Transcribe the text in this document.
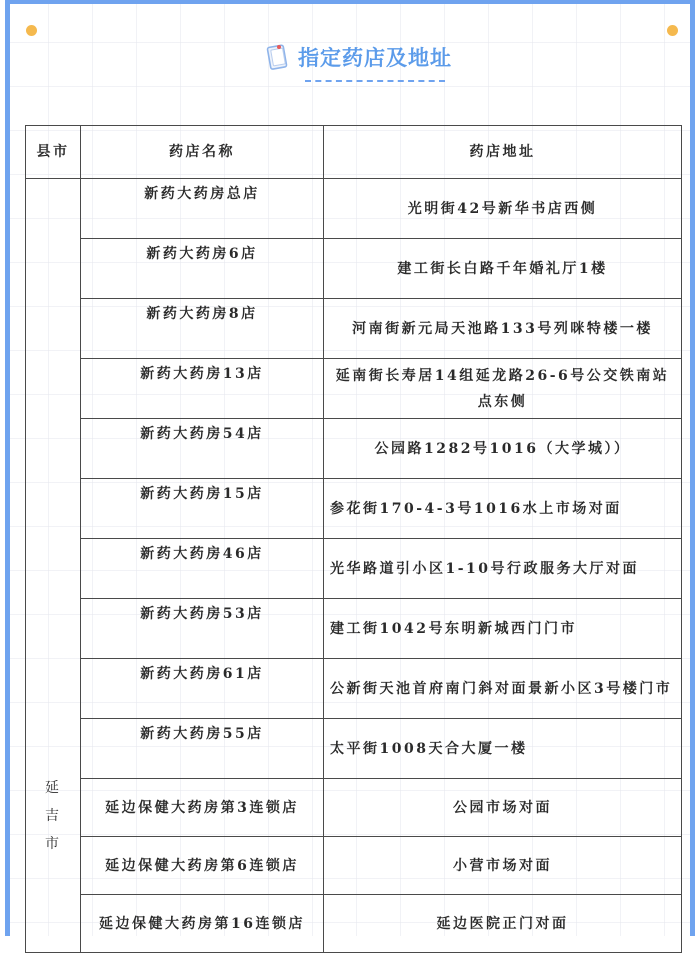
指定药店及地址
县市	药店名称	药店地址
延吉市	新药大药房总店	光明街42号新华书店西侧
	新药大药房6店	建工街长白路千年婚礼厅1楼
	新药大药房8店	河南街新元局天池路133号列咪特楼一楼
	新药大药房13店	延南街长寿居14组延龙路26-6号公交铁南站点东侧
	新药大药房54店	公园路1282号1016（大学城））
	新药大药房15店	参花街170-4-3号1016水上市场对面
	新药大药房46店	光华路道引小区1-10号行政服务大厅对面
	新药大药房53店	建工街1042号东明新城西门门市
	新药大药房61店	公新街天池首府南门斜对面景新小区3号楼门市
	新药大药房55店	太平街1008天合大厦一楼
	延边保健大药房第3连锁店	公园市场对面
	延边保健大药房第6连锁店	小营市场对面
	延边保健大药房第16连锁店	延边医院正门对面
